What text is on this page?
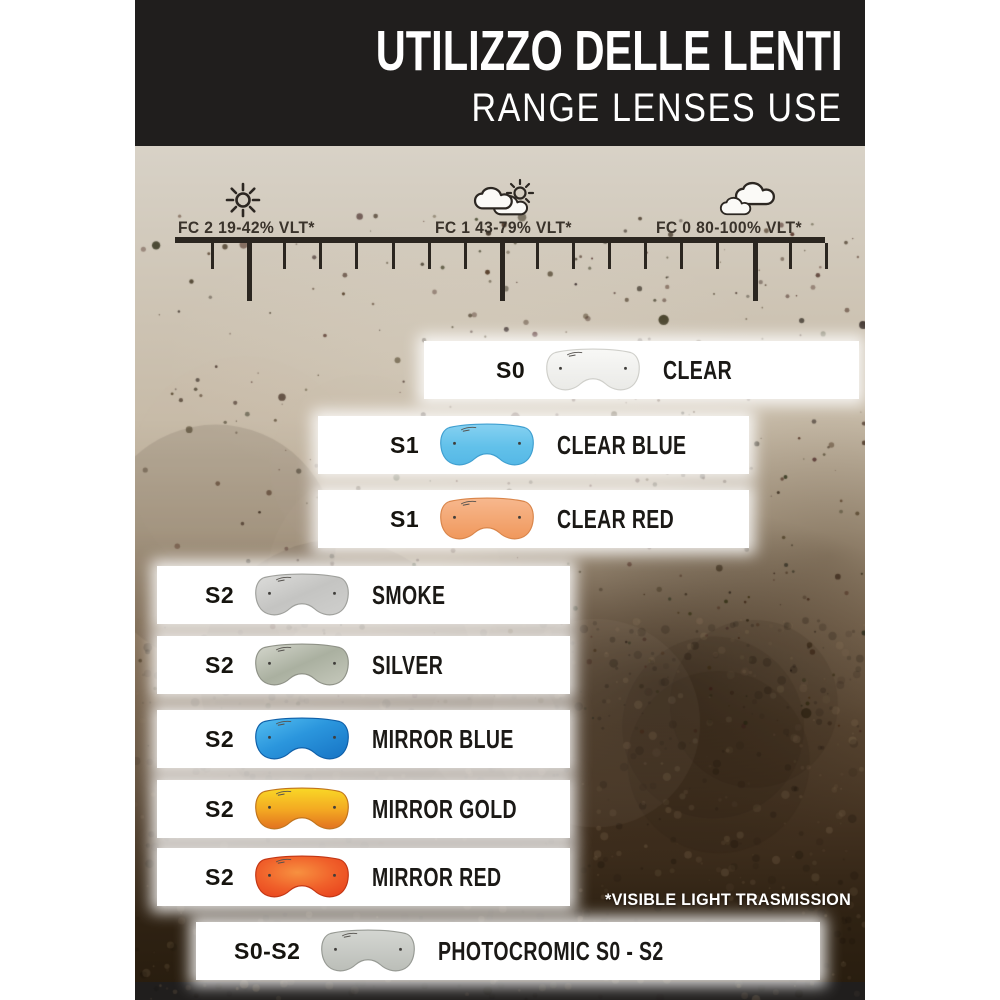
UTILIZZO DELLE LENTI
RANGE LENSES USE
FC 2 19-42% VLT*	FC 1 43-79% VLT*	FC 0 80-100% VLT*
S0	CLEAR
S1	CLEAR BLUE
S1	CLEAR RED
S2	SMOKE
S2	SILVER
S2	MIRROR BLUE
S2	MIRROR GOLD
S2	MIRROR RED
*VISIBLE LIGHT TRASMISSION
S0-S2	PHOTOCROMIC S0 - S2
